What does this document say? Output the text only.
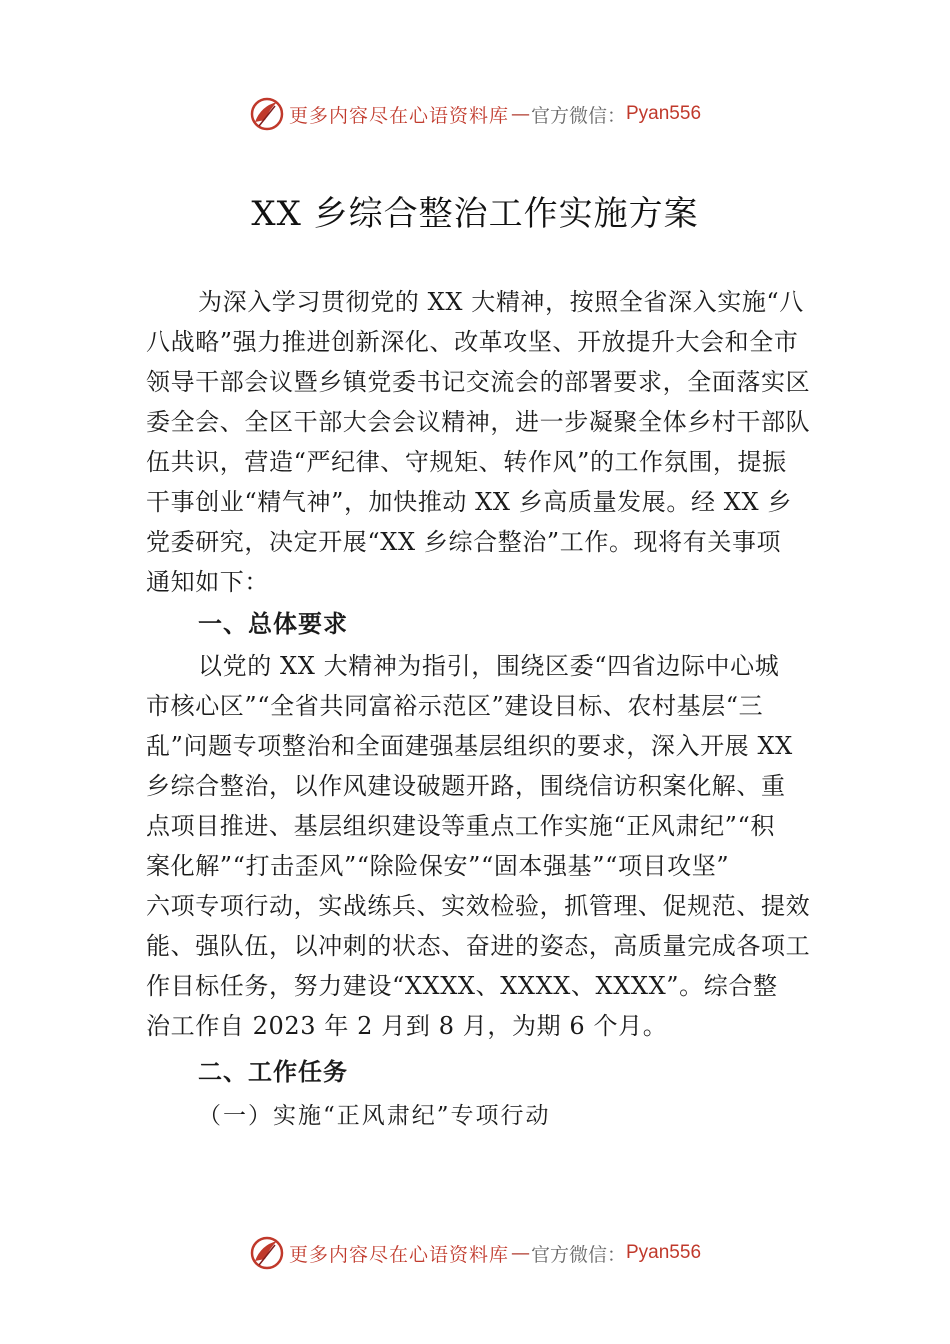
更多内容尽在心语资料库 — 官方微信： Pyan556
XX 乡综合整治工作实施方案
为深入学习贯彻党的 XX 大精神，按照全省深入实施“八
八战略”强力推进创新深化、改革攻坚、开放提升大会和全市
领导干部会议暨乡镇党委书记交流会的部署要求，全面落实区
委全会、全区干部大会会议精神，进一步凝聚全体乡村干部队
伍共识，营造“严纪律、守规矩、转作风”的工作氛围，提振
干事创业“精气神”，加快推动 XX 乡高质量发展。经 XX 乡
党委研究，决定开展“XX 乡综合整治”工作。现将有关事项
通知如下：
一、总体要求
以党的 XX 大精神为指引，围绕区委“四省边际中心城
市核心区”“全省共同富裕示范区”建设目标、农村基层“三
乱”问题专项整治和全面建强基层组织的要求，深入开展 XX
乡综合整治，以作风建设破题开路，围绕信访积案化解、重
点项目推进、基层组织建设等重点工作实施“正风肃纪”“积
案化解”“打击歪风”“除险保安”“固本强基”“项目攻坚”
六项专项行动，实战练兵、实效检验，抓管理、促规范、提效
能、强队伍，以冲刺的状态、奋进的姿态，高质量完成各项工
作目标任务，努力建设“XXXX、XXXX、XXXX”。综合整
治工作自 2023 年 2 月到 8 月，为期 6 个月。
二、工作任务
（一）实施“正风肃纪”专项行动
更多内容尽在心语资料库 — 官方微信： Pyan556
